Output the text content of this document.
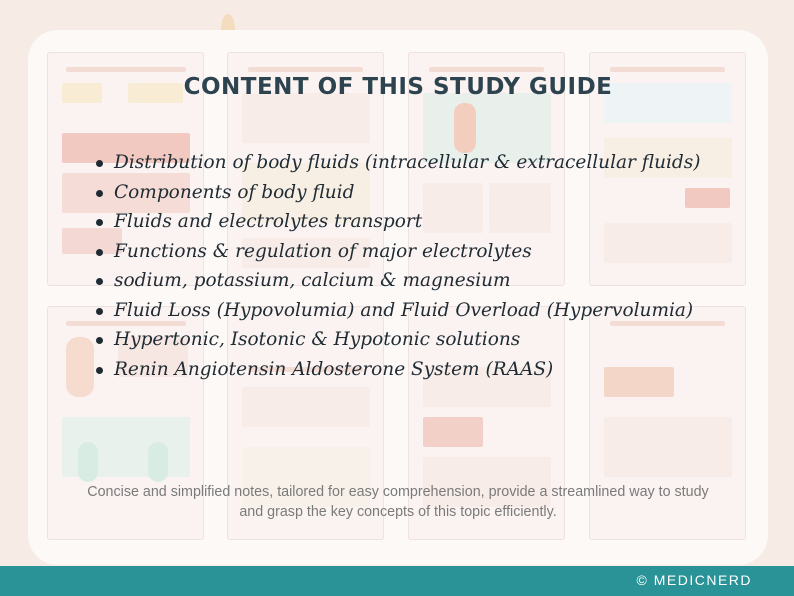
CONTENT OF THIS STUDY GUIDE
Distribution of body fluids (intracellular & extracellular fluids)
Components of body fluid
Fluids and electrolytes transport
Functions & regulation of major electrolytes
sodium, potassium, calcium & magnesium
Fluid Loss (Hypovolumia) and Fluid Overload (Hypervolumia)
Hypertonic, Isotonic & Hypotonic solutions
Renin Angiotensin Aldosterone System (RAAS)
Concise and simplified notes, tailored for easy comprehension, provide a streamlined way to study and grasp the key concepts of this topic efficiently.
© MEDICNERD
